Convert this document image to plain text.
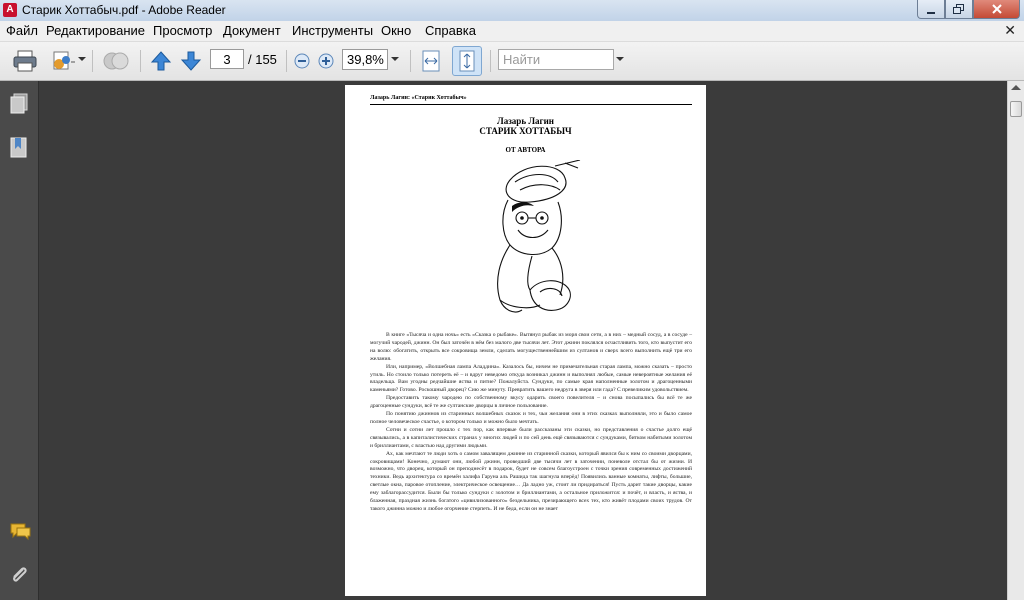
A Старик Хоттабыч.pdf - Adobe Reader
Файл Редактирование Просмотр Документ Инструменты Окно Справка	✕
3	/ 155	39,8%	Найти
Лазарь Лагин: «Старик Хоттабыч»
Лазарь Лагин
СТАРИК ХОТТАБЫЧ
ОТ АВТОРА

В книге «Тысяча и одна ночь» есть «Сказка о рыбаке». Вытянул рыбак из моря свои сети, а в них – медный сосуд, а в сосуде – могучий чародей, джинн. Он был заточён в нём без малого две тысячи лет. Этот джинн поклялся осчастливить того, кто выпустит его на волю: обогатить, открыть все сокровища земли, сделать могущественнейшим из султанов и сверх всего выполнить ещё три его желания.

Или, например, «Волшебная лампа Аладдина». Казалось бы, ничем не примечательная старая лампа, можно сказать – просто утиль. Но стоило только потереть её – и вдруг неведомо откуда возникал джинн и выполнял любые, самые невероятные желания её владельца. Вам угодны редчайшие яства и питие? Пожалуйста. Сундуки, по самые края наполненные золотом и драгоценными каменьями? Готово. Роскошный дворец? Сию же минуту. Превратить вашего недруга в зверя или гада? С превеликим удовольствием.

Предоставить такому чародею по собственному вкусу одарить своего повелителя – и снова посыпались бы всё те же драгоценные сундуки, всё те же султанские дворцы в личное пользование.

По понятию джиннов из старинных волшебных сказок и тех, чьи желания они в этих сказках выполняли, это и было самое полное человеческое счастье, о котором только и можно было мечтать.

Сотни и сотни лет прошло с тех пор, как впервые были рассказаны эти сказки, но представления о счастье долго ещё связывались, а в капиталистических странах у многих людей и по сей день ещё связываются с сундуками, битком набитыми золотом и бриллиантами, с властью над другими людьми.

Ах, как мечтают те люди хоть о самом завалящем джинне из старинной сказки, который явился бы к ним со своими дворцами, сокровищами! Конечно, думают они, любой джинн, проведший две тысячи лет в заточении, поневоле отстал бы от жизни. И возможно, что дворец, который он преподнесёт в подарок, будет не совсем благоустроен с точки зрения современных достижений техники. Ведь архитектура со времён халифа Гаруна аль Рашида так шагнула вперёд! Появились ванные комнаты, лифты, большие, светлые окна, паровое отопление, электрическое освещение… Да ладно уж, стоит ли придираться! Пусть дарит такие дворцы, какие ему заблагорассудится. Были бы только сундуки с золотом и бриллиантами, а остальное приложится: и почёт, и власть, и яства, и блаженная, праздная жизнь богатого «цивилизованного» бездельника, презирающего всех тех, кто живёт плодами своих трудов. От такого джинна можно и любое огорчение стерпеть. И не беда, если он не знает
